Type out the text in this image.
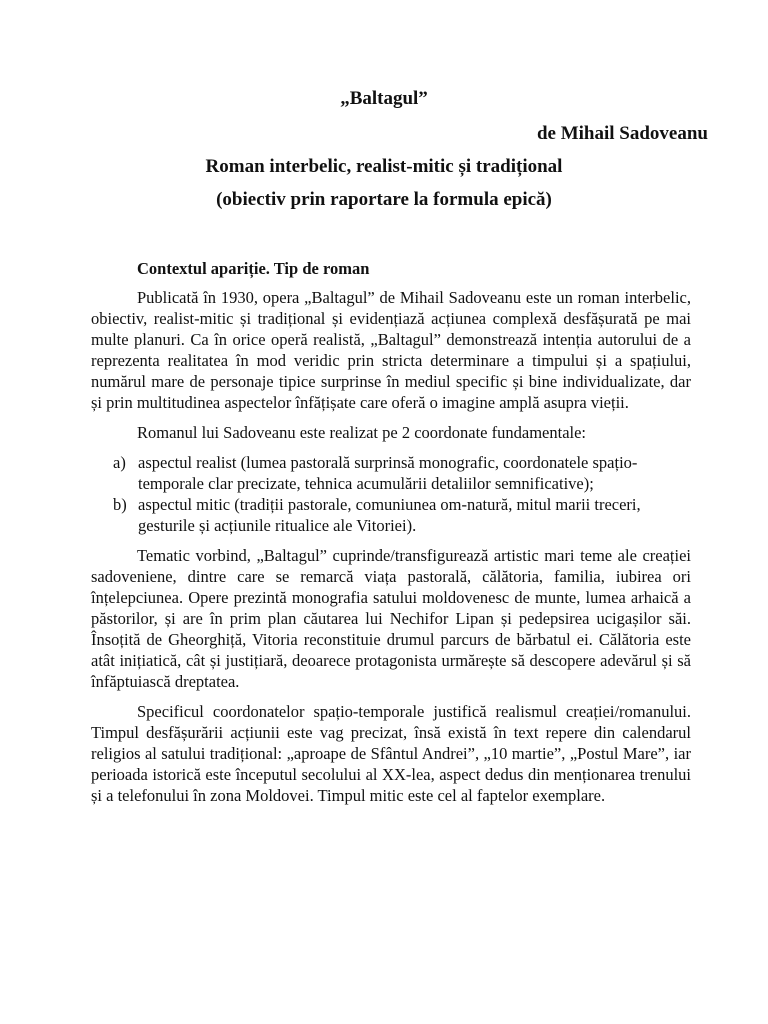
„Baltagul”
de Mihail Sadoveanu
Roman interbelic, realist-mitic și tradițional
(obiectiv prin raportare la formula epică)
Contextul apariție. Tip de roman

Publicată în 1930, opera „Baltagul” de Mihail Sadoveanu este un roman interbelic, obiectiv, realist-mitic și tradițional și evidențiază acțiunea complexă desfășurată pe mai multe planuri. Ca în orice operă realistă, „Baltagul” demonstrează intenția autorului de a reprezenta realitatea în mod veridic prin stricta determinare a timpului și a spațiului, numărul mare de personaje tipice surprinse în mediul specific și bine individualizate, dar și prin multitudinea aspectelor înfățișate care oferă o imagine amplă asupra vieții.

Romanul lui Sadoveanu este realizat pe 2 coordonate fundamentale:

a) aspectul realist (lumea pastorală surprinsă monografic, coordonatele spațio-temporale clar precizate, tehnica acumulării detaliilor semnificative);
b) aspectul mitic (tradiții pastorale, comuniunea om-natură, mitul marii treceri, gesturile și acțiunile ritualice ale Vitoriei).

Tematic vorbind, „Baltagul” cuprinde/transfigurează artistic mari teme ale creației sadoveniene, dintre care se remarcă viața pastorală, călătoria, familia, iubirea ori înțelepciunea. Opere prezintă monografia satului moldovenesc de munte, lumea arhaică a păstorilor, și are în prim plan căutarea lui Nechifor Lipan și pedepsirea ucigașilor săi. Însoțită de Gheorghiță, Vitoria reconstituie drumul parcurs de bărbatul ei. Călătoria este atât inițiatică, cât și justițiară, deoarece protagonista urmărește să descopere adevărul și să înfăptuiască dreptatea.

Specificul coordonatelor spațio-temporale justifică realismul creației/romanului. Timpul desfășurării acțiunii este vag precizat, însă există în text repere din calendarul religios al satului tradițional: „aproape de Sfântul Andrei”, „10 martie”, „Postul Mare”, iar perioada istorică este începutul secolului al XX-lea, aspect dedus din menționarea trenului și a telefonului în zona Moldovei. Timpul mitic este cel al faptelor exemplare.
